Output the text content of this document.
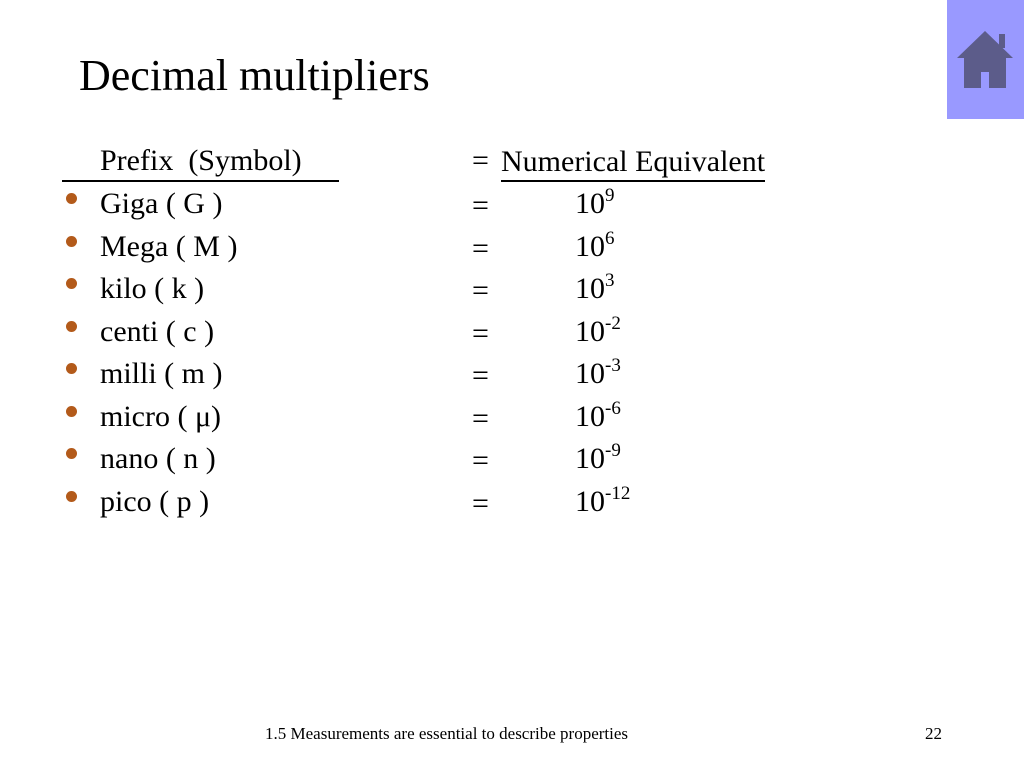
Decimal multipliers
Prefix  (Symbol)	= Numerical Equivalent
Giga ( G )	=	$10^9$
Mega ( M )	=	$10^6$
kilo ( k )	=	$10^3$
centi ( c )	=	$10^{-2}$
milli ( m )	=	$10^{-3}$
micro ( μ)	=	$10^{-6}$
nano ( n )	=	$10^{-9}$
pico ( p )	=	$10^{-12}$
1.5 Measurements are essential to describe properties	22
